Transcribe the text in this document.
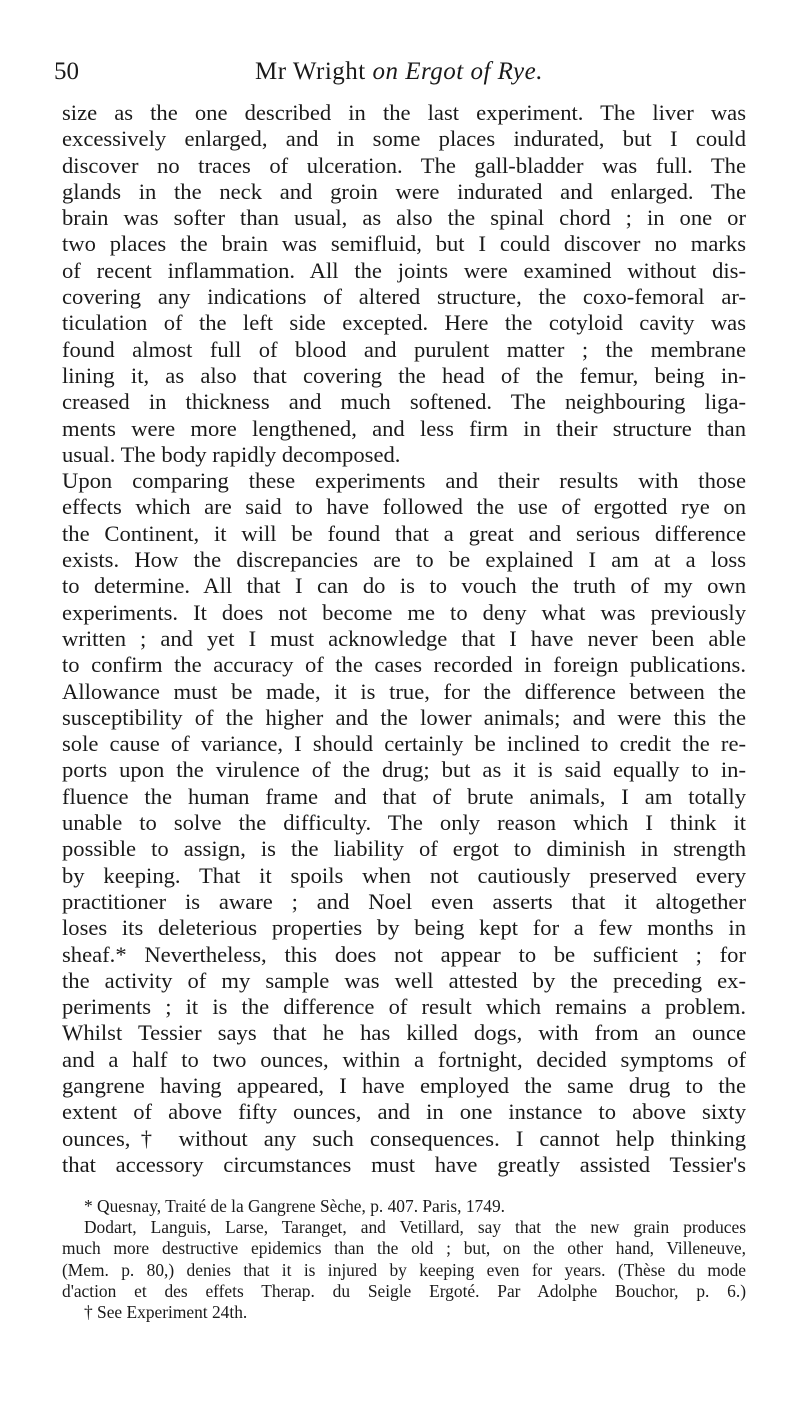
50	Mr Wright on Ergot of Rye.
size as the one described in the last experiment. The liver was
excessively enlarged, and in some places indurated, but I could
discover no traces of ulceration. The gall-bladder was full. The
glands in the neck and groin were indurated and enlarged. The
brain was softer than usual, as also the spinal chord ; in one or
two places the brain was semifluid, but I could discover no marks
of recent inflammation. All the joints were examined without dis-
covering any indications of altered structure, the coxo-femoral ar-
ticulation of the left side excepted. Here the cotyloid cavity was
found almost full of blood and purulent matter ; the membrane
lining it, as also that covering the head of the femur, being in-
creased in thickness and much softened. The neighbouring liga-
ments were more lengthened, and less firm in their structure than
usual. The body rapidly decomposed.
Upon comparing these experiments and their results with those
effects which are said to have followed the use of ergotted rye on
the Continent, it will be found that a great and serious difference
exists. How the discrepancies are to be explained I am at a loss
to determine. All that I can do is to vouch the truth of my own
experiments. It does not become me to deny what was previously
written ; and yet I must acknowledge that I have never been able
to confirm the accuracy of the cases recorded in foreign publications.
Allowance must be made, it is true, for the difference between the
susceptibility of the higher and the lower animals; and were this the
sole cause of variance, I should certainly be inclined to credit the re-
ports upon the virulence of the drug; but as it is said equally to in-
fluence the human frame and that of brute animals, I am totally
unable to solve the difficulty. The only reason which I think it
possible to assign, is the liability of ergot to diminish in strength
by keeping. That it spoils when not cautiously preserved every
practitioner is aware ; and Noel even asserts that it altogether
loses its deleterious properties by being kept for a few months in
sheaf.* Nevertheless, this does not appear to be sufficient ; for
the activity of my sample was well attested by the preceding ex-
periments ; it is the difference of result which remains a problem.
Whilst Tessier says that he has killed dogs, with from an ounce
and a half to two ounces, within a fortnight, decided symptoms of
gangrene having appeared, I have employed the same drug to the
extent of above fifty ounces, and in one instance to above sixty
ounces,† without any such consequences. I cannot help thinking
that accessory circumstances must have greatly assisted Tessier's
* Quesnay, Traité de la Gangrene Sèche, p. 407. Paris, 1749.
Dodart, Languis, Larse, Taranget, and Vetillard, say that the new grain produces
much more destructive epidemics than the old ; but, on the other hand, Villeneuve,
(Mem. p. 80,) denies that it is injured by keeping even for years. (Thèse du mode
d'action et des effets Therap. du Seigle Ergoté. Par Adolphe Bouchor, p. 6.)
† See Experiment 24th.
